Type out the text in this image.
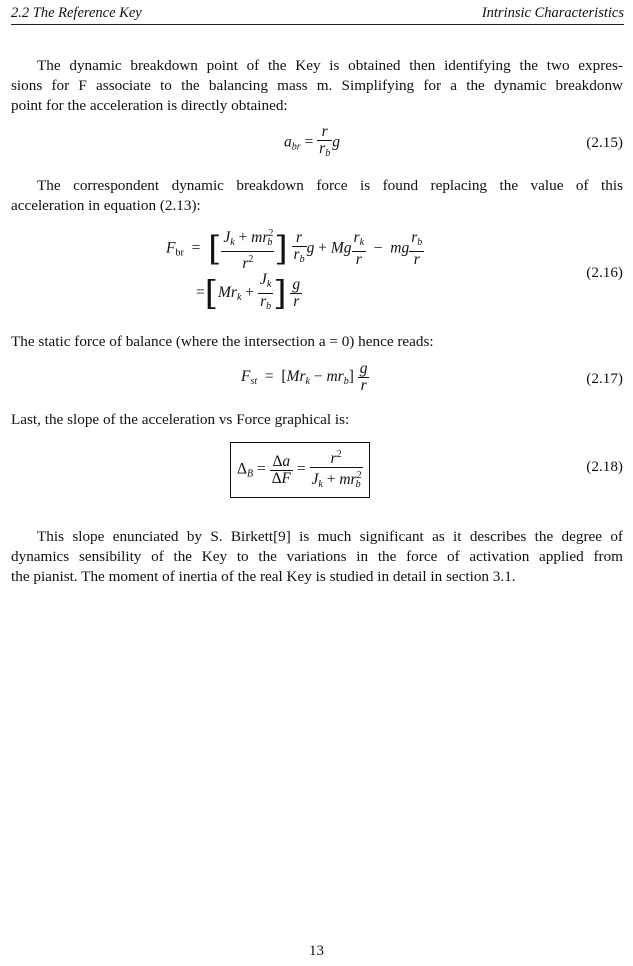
2.2 The Reference Key	Intrinsic Characteristics
The dynamic breakdown point of the Key is obtained then identifying the two expres-
sions for F associate to the balancing mass m. Simplifying for a the dynamic breakdonw
point for the acceleration is directly obtained:
$a_{br} = \frac{r}{r_b}$ g	(2.15)
The correspondent dynamic breakdown force is found replacing the value of this
acceleration in equation (2.13):
$F_{br}$  =  [ $\frac{J_k + mr^2_b}{r^2}$ ] $\frac{r}{r_b}$ g + Mg $\frac{r_k}{r}$ −  mg $\frac{r_b}{r}$
$=[Mr_k + \frac{J_k}{r_b}$ ] $\frac{g}{r}$
(2.16)
The static force of balance (where the intersection a = 0) hence reads:
$F_{st} = [Mr_k - mr_b] \frac{g}{r}$	(2.17)
Last, the slope of the acceleration vs Force graphical is:
$\Delta_B = \frac{\Delta a}{\Delta F} = \frac{r^2}{J_k + mr^2_b}$	(2.18)
This slope enunciated by S. Birkett[9] is much significant as it describes the degree of
dynamics sensibility of the Key to the variations in the force of activation applied from
the pianist. The moment of inertia of the real Key is studied in detail in section 3.1.
13
